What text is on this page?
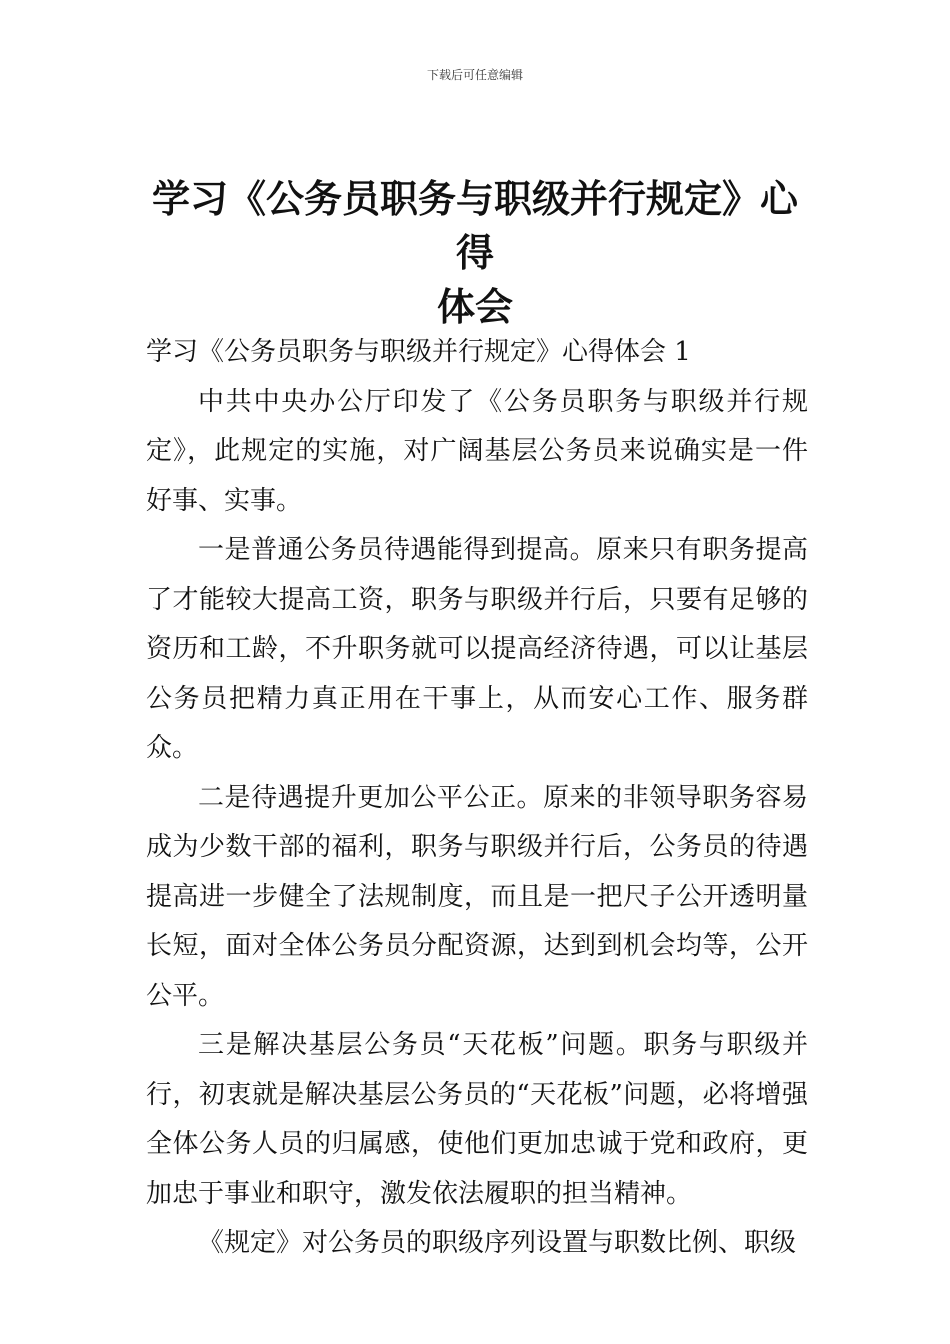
下载后可任意编辑
学习《公务员职务与职级并行规定》心得
体会

学习《公务员职务与职级并行规定》心得体会 1

中共中央办公厅印发了《公务员职务与职级并行规定》，此规定的实施，对广阔基层公务员来说确实是一件好事、实事。

一是普通公务员待遇能得到提高。原来只有职务提高了才能较大提高工资，职务与职级并行后，只要有足够的资历和工龄，不升职务就可以提高经济待遇，可以让基层公务员把精力真正用在干事上，从而安心工作、服务群众。

二是待遇提升更加公平公正。原来的非领导职务容易成为少数干部的福利，职务与职级并行后，公务员的待遇提高进一步健全了法规制度，而且是一把尺子公开透明量长短，面对全体公务员分配资源，达到到机会均等，公开公平。

三是解决基层公务员“天花板”问题。职务与职级并行，初衷就是解决基层公务员的“天花板”问题，必将增强全体公务人员的归属感，使他们更加忠诚于党和政府，更加忠于事业和职守，激发依法履职的担当精神。

《规定》对公务员的职级序列设置与职数比例、职级
